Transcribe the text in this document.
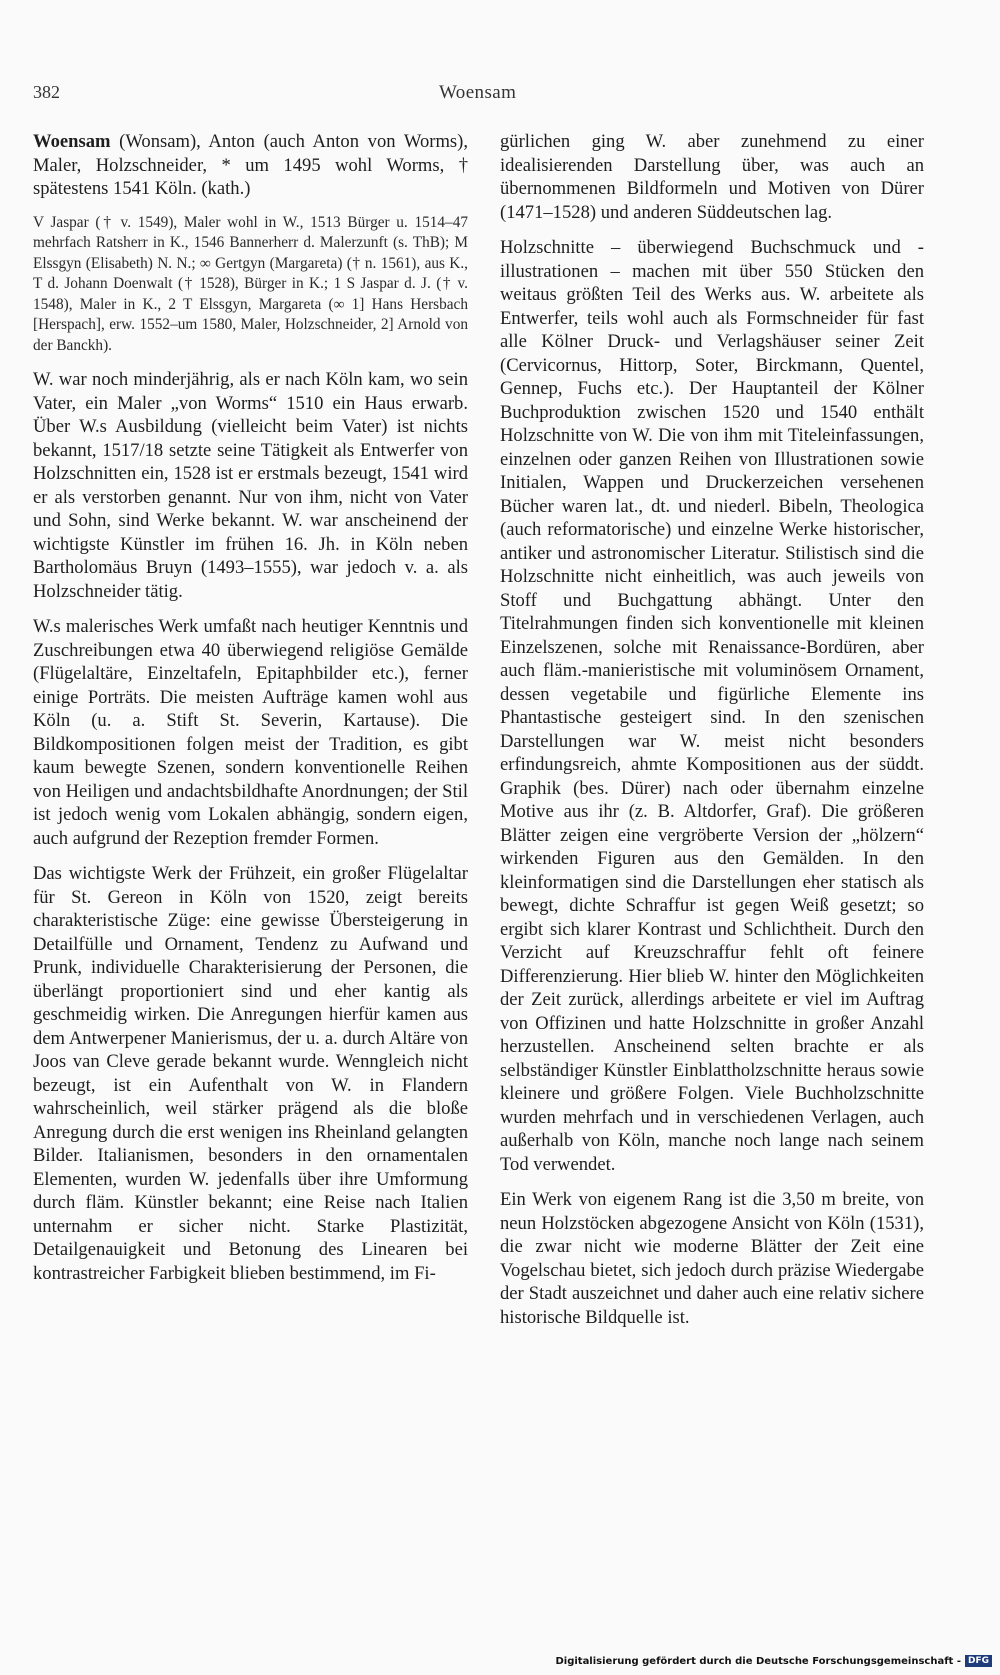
382	Woensam

Woensam (Wonsam), Anton (auch Anton von Worms), Maler, Holzschneider, * um 1495 wohl Worms, † spätestens 1541 Köln. (kath.)

V Jaspar († v. 1549), Maler wohl in W., 1513 Bürger u. 1514–47 mehrfach Ratsherr in K., 1546 Bannerherr d. Malerzunft (s. ThB); M Elssgyn (Elisabeth) N. N.; ∞ Gertgyn (Margareta) († n. 1561), aus K., T d. Johann Doenwalt († 1528), Bürger in K.; 1 S Jaspar d. J. († v. 1548), Maler in K., 2 T Elssgyn, Margareta (∞ 1] Hans Hersbach [Herspach], erw. 1552–um 1580, Maler, Holzschneider, 2] Arnold von der Banckh).

W. war noch minderjährig, als er nach Köln kam, wo sein Vater, ein Maler „von Worms“ 1510 ein Haus erwarb. Über W.s Ausbildung (vielleicht beim Vater) ist nichts bekannt, 1517/18 setzte seine Tätigkeit als Entwerfer von Holzschnitten ein, 1528 ist er erstmals bezeugt, 1541 wird er als verstorben genannt. Nur von ihm, nicht von Vater und Sohn, sind Werke bekannt. W. war anscheinend der wichtigste Künstler im frühen 16. Jh. in Köln neben Bartholomäus Bruyn (1493–1555), war jedoch v. a. als Holzschneider tätig.

W.s malerisches Werk umfaßt nach heutiger Kenntnis und Zuschreibungen etwa 40 überwiegend religiöse Gemälde (Flügelaltäre, Einzeltafeln, Epitaphbilder etc.), ferner einige Porträts. Die meisten Aufträge kamen wohl aus Köln (u. a. Stift St. Severin, Kartause). Die Bildkompositionen folgen meist der Tradition, es gibt kaum bewegte Szenen, sondern konventionelle Reihen von Heiligen und andachtsbildhafte Anordnungen; der Stil ist jedoch wenig vom Lokalen abhängig, sondern eigen, auch aufgrund der Rezeption fremder Formen.

Das wichtigste Werk der Frühzeit, ein großer Flügelaltar für St. Gereon in Köln von 1520, zeigt bereits charakteristische Züge: eine gewisse Übersteigerung in Detailfülle und Ornament, Tendenz zu Aufwand und Prunk, individuelle Charakterisierung der Personen, die überlängt proportioniert sind und eher kantig als geschmeidig wirken. Die Anregungen hierfür kamen aus dem Antwerpener Manierismus, der u. a. durch Altäre von Joos van Cleve gerade bekannt wurde. Wenngleich nicht bezeugt, ist ein Aufenthalt von W. in Flandern wahrscheinlich, weil stärker prägend als die bloße Anregung durch die erst wenigen ins Rheinland gelangten Bilder. Italianismen, besonders in den ornamentalen Elementen, wurden W. jedenfalls über ihre Umformung durch fläm. Künstler bekannt; eine Reise nach Italien unternahm er sicher nicht. Starke Plastizität, Detailgenauigkeit und Betonung des Linearen bei kontrastreicher Farbigkeit blieben bestimmend, im Fi-

gürlichen ging W. aber zunehmend zu einer idealisierenden Darstellung über, was auch an übernommenen Bildformeln und Motiven von Dürer (1471–1528) und anderen Süddeutschen lag.

Holzschnitte – überwiegend Buchschmuck und -illustrationen – machen mit über 550 Stücken den weitaus größten Teil des Werks aus. W. arbeitete als Entwerfer, teils wohl auch als Formschneider für fast alle Kölner Druck- und Verlagshäuser seiner Zeit (Cervicornus, Hittorp, Soter, Birckmann, Quentel, Gennep, Fuchs etc.). Der Hauptanteil der Kölner Buchproduktion zwischen 1520 und 1540 enthält Holzschnitte von W. Die von ihm mit Titeleinfassungen, einzelnen oder ganzen Reihen von Illustrationen sowie Initialen, Wappen und Druckerzeichen versehenen Bücher waren lat., dt. und niederl. Bibeln, Theologica (auch reformatorische) und einzelne Werke historischer, antiker und astronomischer Literatur. Stilistisch sind die Holzschnitte nicht einheitlich, was auch jeweils von Stoff und Buchgattung abhängt. Unter den Titelrahmungen finden sich konventionelle mit kleinen Einzelszenen, solche mit Renaissance-Bordüren, aber auch fläm.-manieristische mit voluminösem Ornament, dessen vegetabile und figürliche Elemente ins Phantastische gesteigert sind. In den szenischen Darstellungen war W. meist nicht besonders erfindungsreich, ahmte Kompositionen aus der süddt. Graphik (bes. Dürer) nach oder übernahm einzelne Motive aus ihr (z. B. Altdorfer, Graf). Die größeren Blätter zeigen eine vergröberte Version der „hölzern“ wirkenden Figuren aus den Gemälden. In den kleinformatigen sind die Darstellungen eher statisch als bewegt, dichte Schraffur ist gegen Weiß gesetzt; so ergibt sich klarer Kontrast und Schlichtheit. Durch den Verzicht auf Kreuzschraffur fehlt oft feinere Differenzierung. Hier blieb W. hinter den Möglichkeiten der Zeit zurück, allerdings arbeitete er viel im Auftrag von Offizinen und hatte Holzschnitte in großer Anzahl herzustellen. Anscheinend selten brachte er als selbständiger Künstler Einblattholzschnitte heraus sowie kleinere und größere Folgen. Viele Buchholzschnitte wurden mehrfach und in verschiedenen Verlagen, auch außerhalb von Köln, manche noch lange nach seinem Tod verwendet.

Ein Werk von eigenem Rang ist die 3,50 m breite, von neun Holzstöcken abgezogene Ansicht von Köln (1531), die zwar nicht wie moderne Blätter der Zeit eine Vogelschau bietet, sich jedoch durch präzise Wiedergabe der Stadt auszeichnet und daher auch eine relativ sichere historische Bildquelle ist.

Digitalisierung gefördert durch die Deutsche Forschungsgemeinschaft - DFG
